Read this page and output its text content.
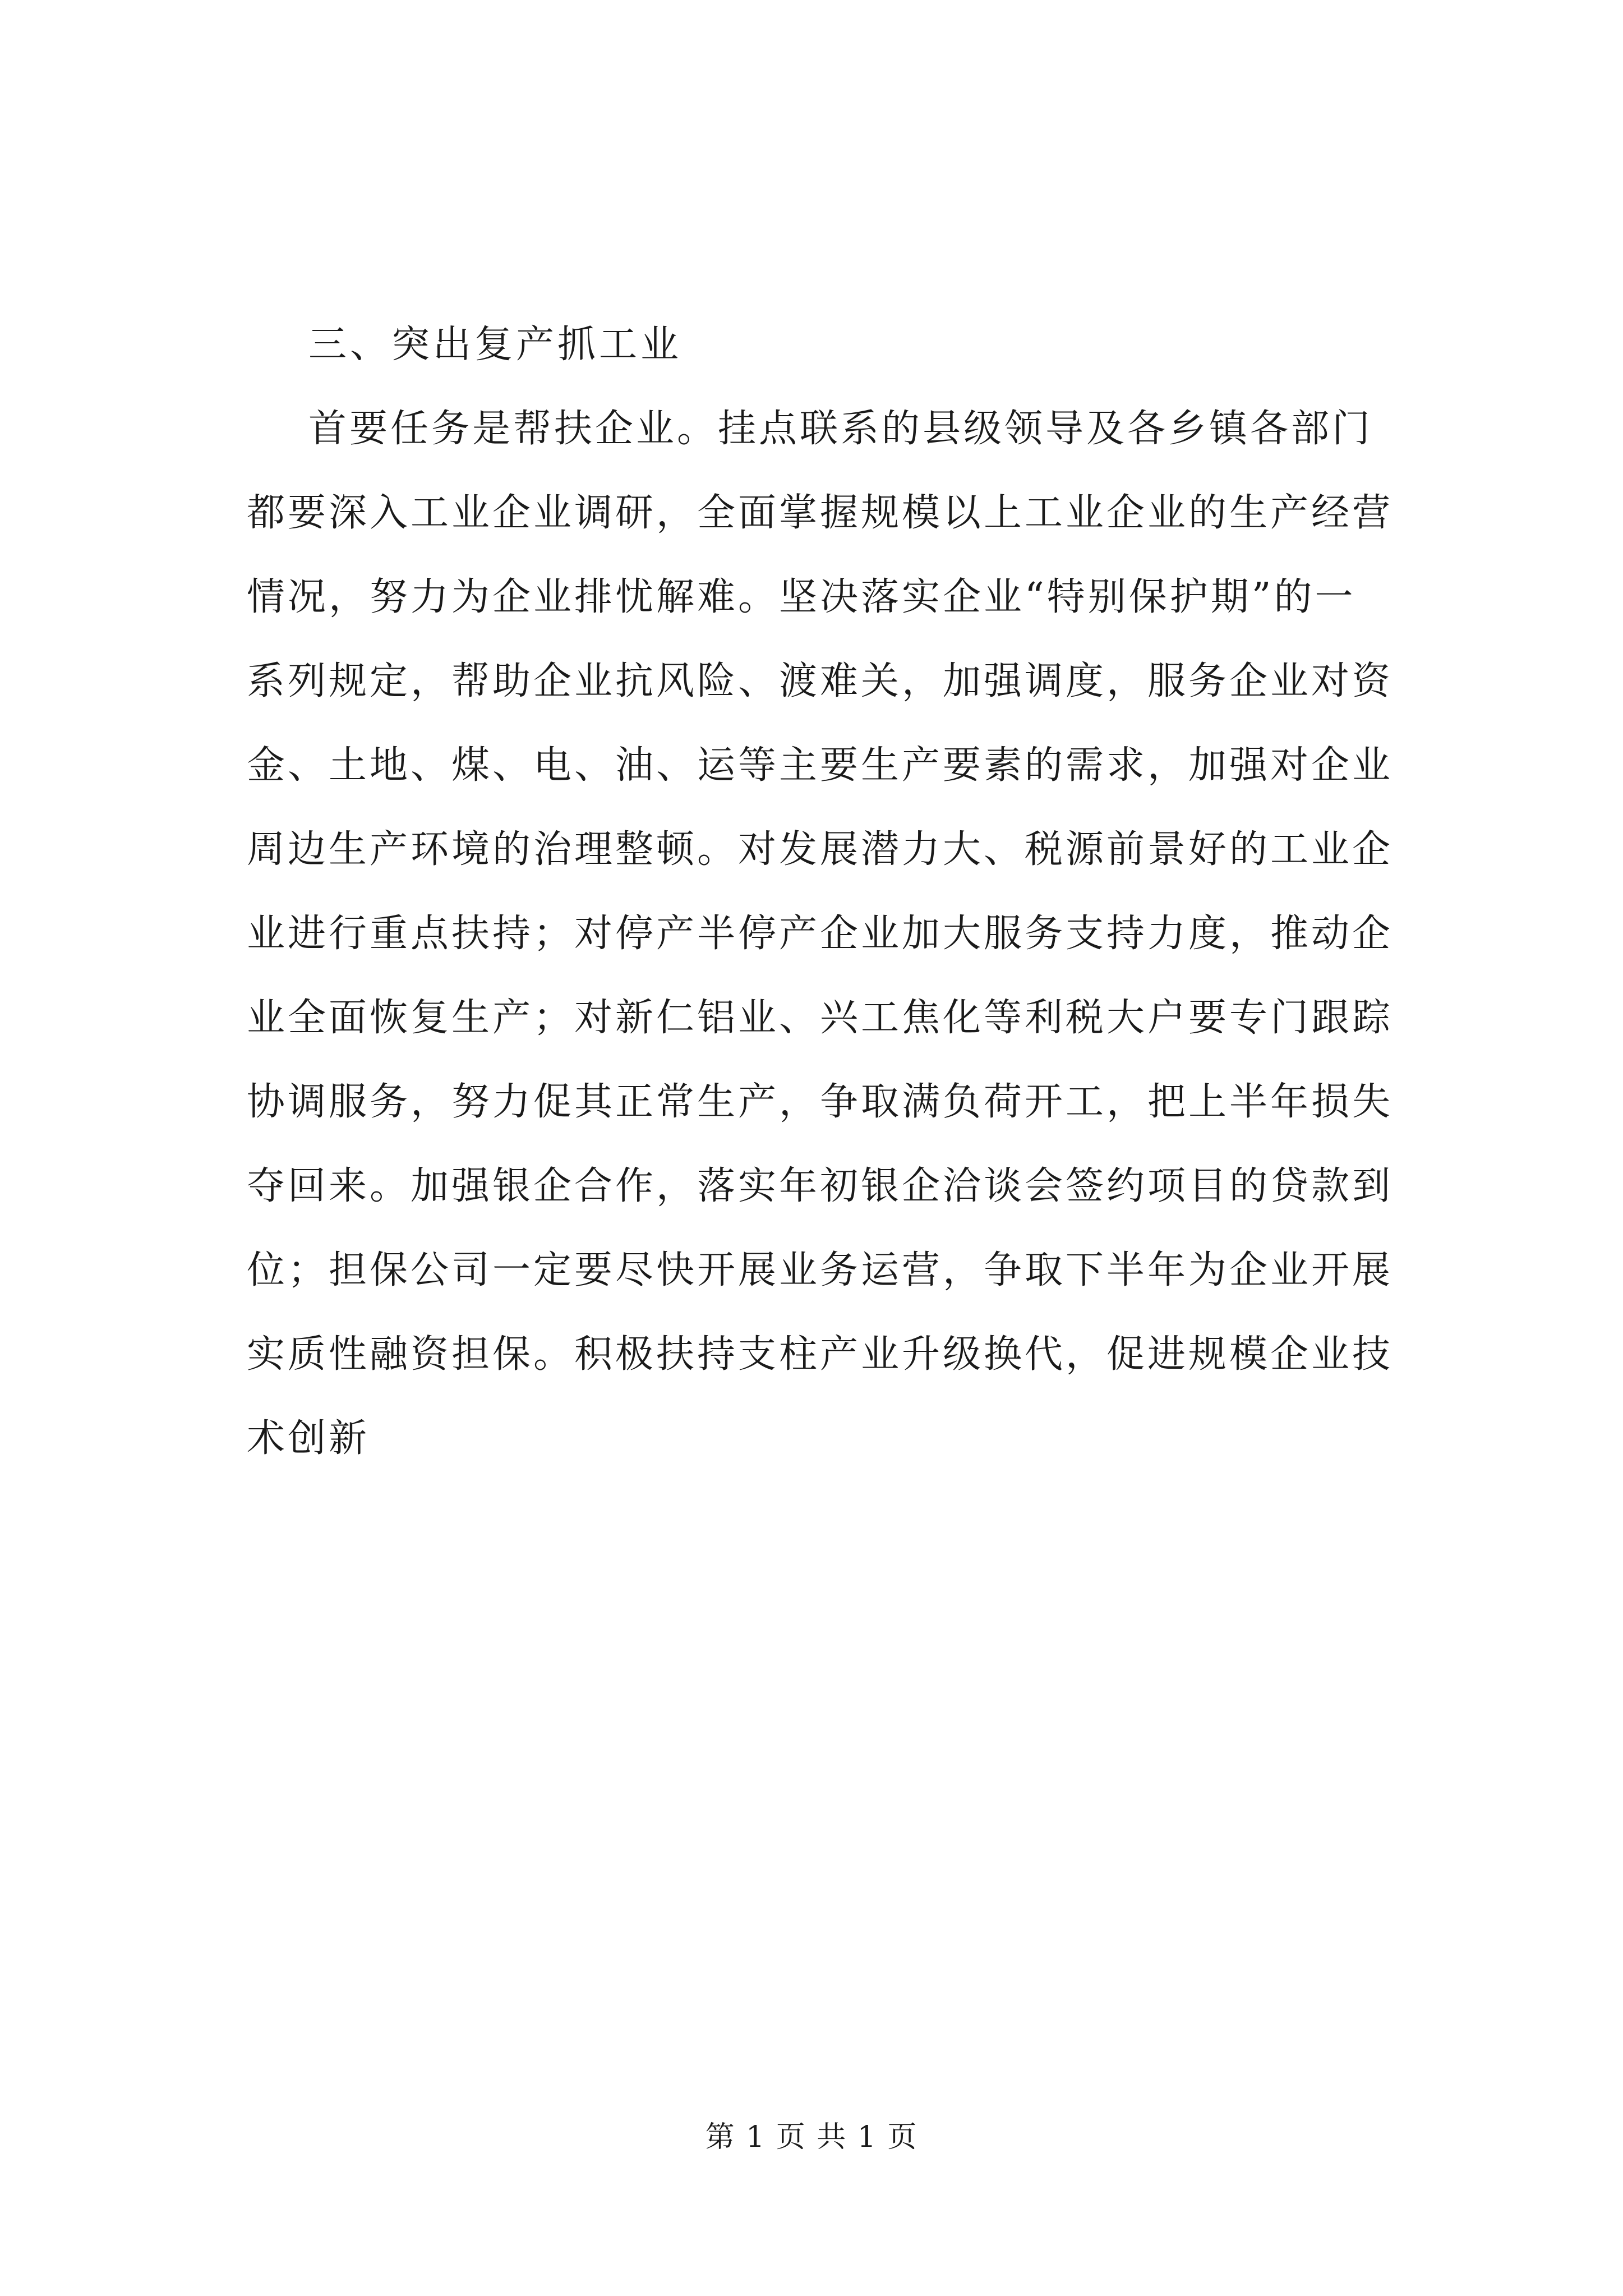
三、突出复产抓工业

首要任务是帮扶企业。挂点联系的县级领导及各乡镇各部门

都要深入工业企业调研，全面掌握规模以上工业企业的生产经营

情况，努力为企业排忧解难。坚决落实企业“特别保护期”的一

系列规定，帮助企业抗风险、渡难关，加强调度，服务企业对资

金、土地、煤、电、油、运等主要生产要素的需求，加强对企业

周边生产环境的治理整顿。对发展潜力大、税源前景好的工业企

业进行重点扶持；对停产半停产企业加大服务支持力度，推动企

业全面恢复生产；对新仁铝业、兴工焦化等利税大户要专门跟踪

协调服务，努力促其正常生产，争取满负荷开工，把上半年损失

夺回来。加强银企合作，落实年初银企洽谈会签约项目的贷款到

位；担保公司一定要尽快开展业务运营，争取下半年为企业开展

实质性融资担保。积极扶持支柱产业升级换代，促进规模企业技

术创新

第 1 页 共 1 页
